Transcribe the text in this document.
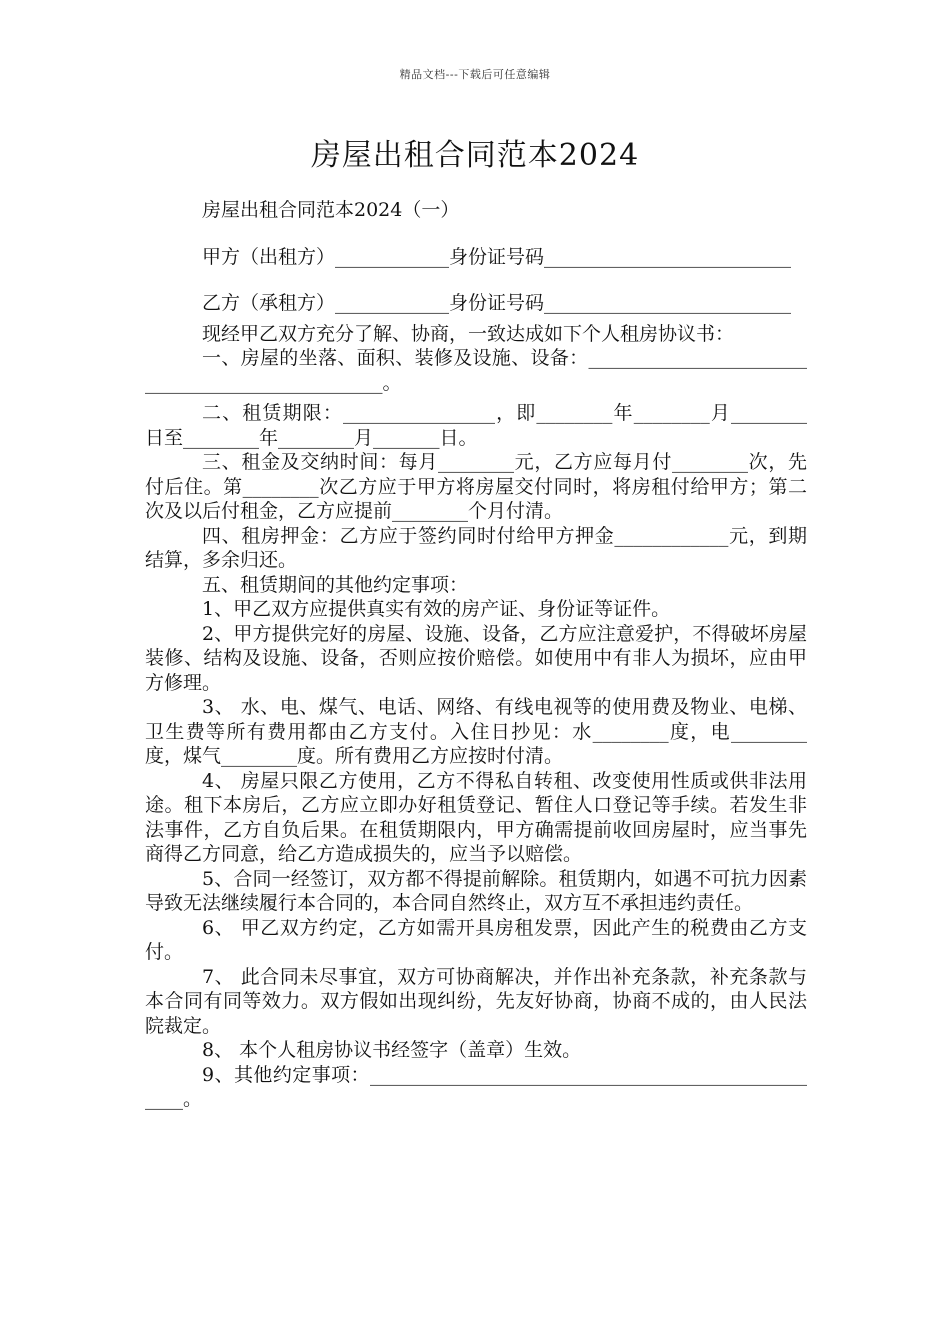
精品文档---下载后可任意编辑
房屋出租合同范本2024

房屋出租合同范本2024（一）

甲方（出租方）____________身份证号码__________________________

乙方（承租方）____________身份证号码__________________________

现经甲乙双方充分了解、协商，一致达成如下个人租房协议书：

一、房屋的坐落、面积、装修及设施、设备：________________________________________________。

二、租赁期限：________________，即________年________月________日至________年________月_______日。

三、租金及交纳时间：每月________元，乙方应每月付________次，先付后住。第________次乙方应于甲方将房屋交付同时，将房租付给甲方；第二次及以后付租金，乙方应提前________个月付清。

四、租房押金：乙方应于签约同时付给甲方押金____________元，到期结算，多余归还。

五、租赁期间的其他约定事项：

1、甲乙双方应提供真实有效的房产证、身份证等证件。

2、甲方提供完好的房屋、设施、设备，乙方应注意爱护，不得破坏房屋装修、结构及设施、设备，否则应按价赔偿。如使用中有非人为损坏，应由甲方修理。

3、 水、电、煤气、电话、网络、有线电视等的使用费及物业、电梯、卫生费等所有费用都由乙方支付。入住日抄见：水________度，电________度，煤气________度。所有费用乙方应按时付清。

4、 房屋只限乙方使用，乙方不得私自转租、改变使用性质或供非法用途。租下本房后，乙方应立即办好租赁登记、暂住人口登记等手续。若发生非法事件，乙方自负后果。在租赁期限内，甲方确需提前收回房屋时，应当事先商得乙方同意，给乙方造成损失的，应当予以赔偿。

5、合同一经签订，双方都不得提前解除。租赁期内，如遇不可抗力因素导致无法继续履行本合同的，本合同自然终止，双方互不承担违约责任。

6、 甲乙双方约定，乙方如需开具房租发票，因此产生的税费由乙方支付。

7、 此合同未尽事宜，双方可协商解决，并作出补充条款，补充条款与本合同有同等效力。双方假如出现纠纷，先友好协商，协商不成的，由人民法院裁定。

8、 本个人租房协议书经签字（盖章）生效。

9、其他约定事项：__________________________________________________。
